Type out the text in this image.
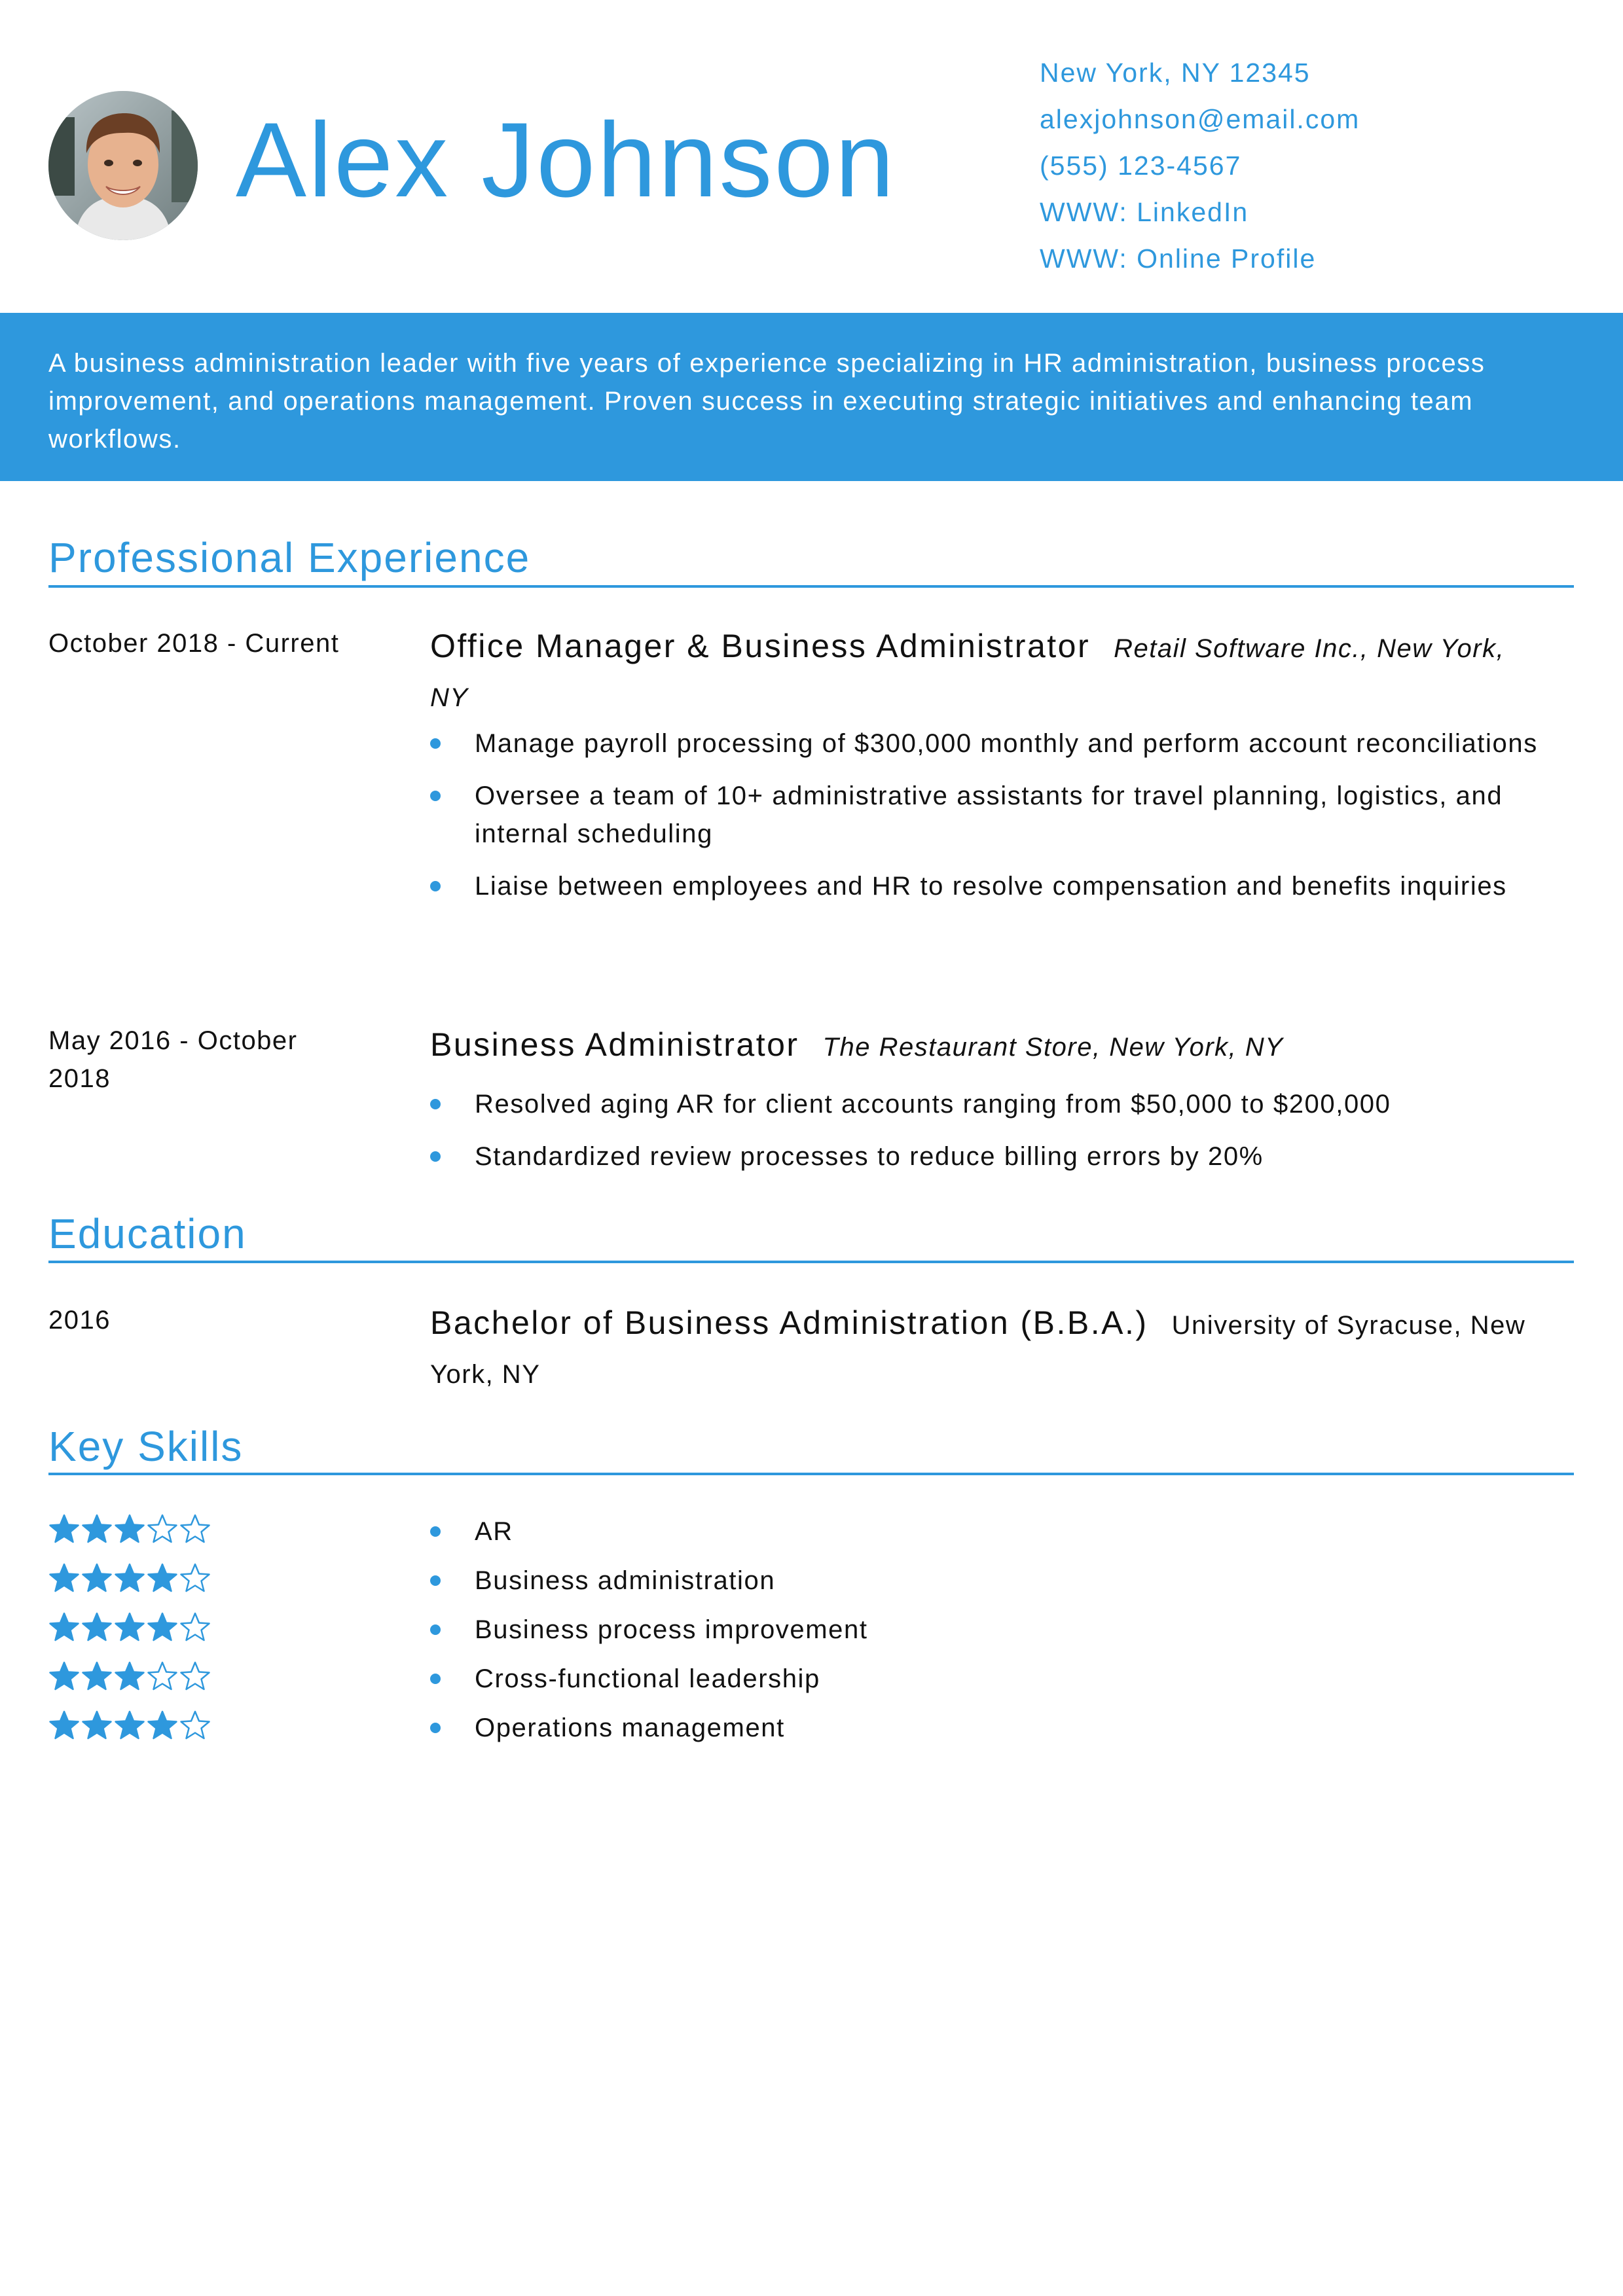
Alex Johnson
New York, NY 12345
alexjohnson@email.com
(555) 123-4567
WWW: LinkedIn
WWW: Online Profile
A business administration leader with five years of experience specializing in HR administration, business process improvement, and operations management. Proven success in executing strategic initiatives and enhancing team workflows.
Professional Experience
October 2018 - Current	Office Manager & Business Administrator Retail Software Inc., New York, NY
Manage payroll processing of $300,000 monthly and perform account reconciliations
Oversee a team of 10+ administrative assistants for travel planning, logistics, and internal scheduling
Liaise between employees and HR to resolve compensation and benefits inquiries
May 2016 - October 2018
Business Administrator The Restaurant Store, New York, NY
Resolved aging AR for client accounts ranging from $50,000 to $200,000
Standardized review processes to reduce billing errors by 20%
Education
2016	Bachelor of Business Administration (B.B.A.) University of Syracuse, New York, NY
Key Skills
AR
Business administration
Business process improvement
Cross-functional leadership
Operations management
